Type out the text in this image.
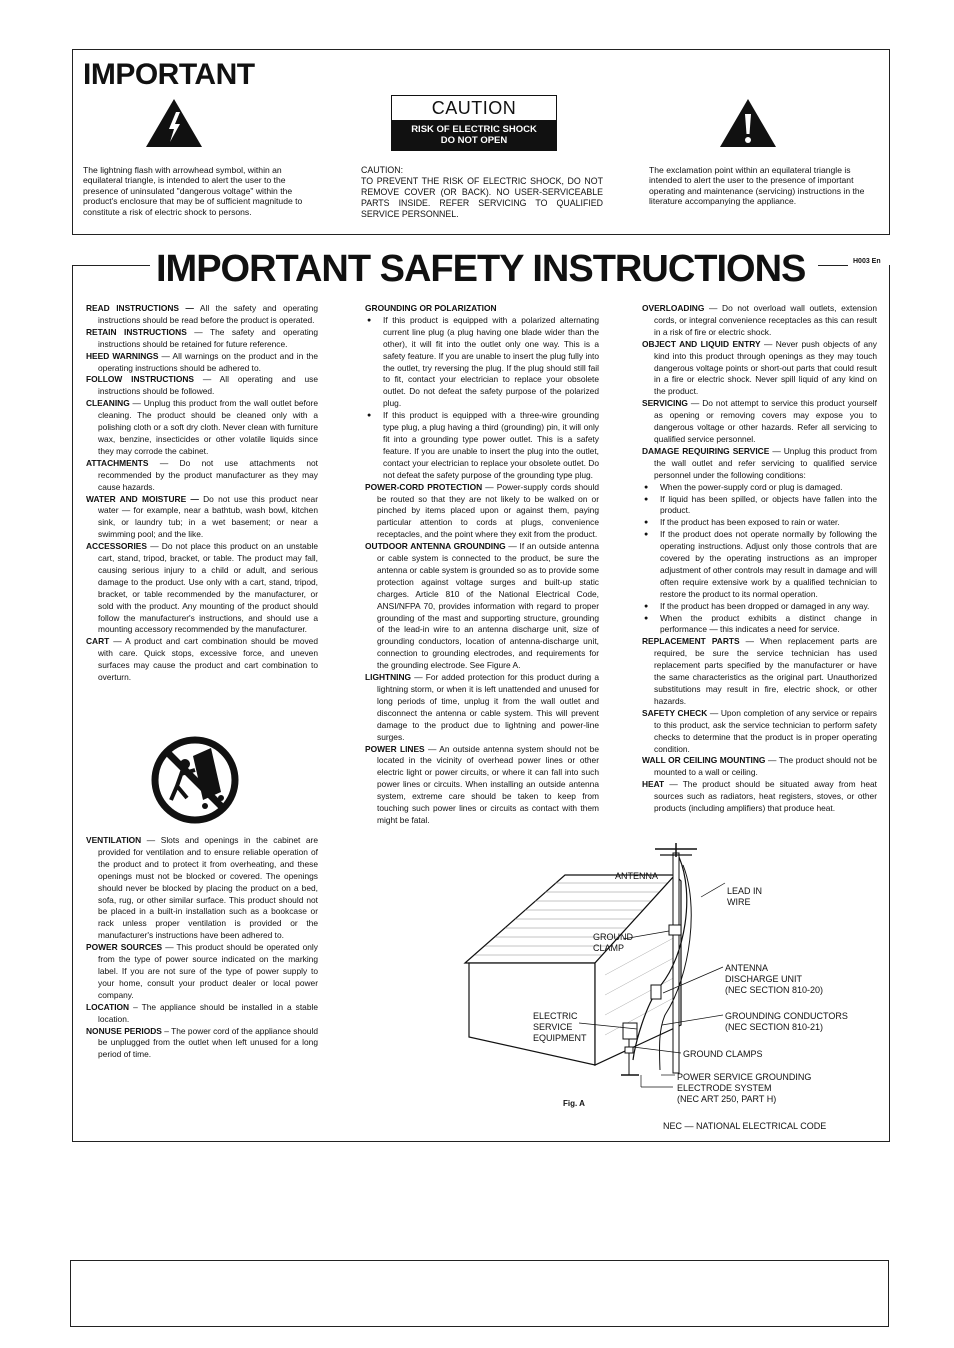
IMPORTANT
The lightning flash with arrowhead symbol, within an equilateral triangle, is intended to alert the user to the presence of uninsulated "dangerous voltage" within the product's enclosure that may be of sufficient magnitude to constitute a risk of electric shock to persons.
CAUTION
RISK OF ELECTRIC SHOCK
DO NOT OPEN
CAUTION:
TO PREVENT THE RISK OF ELECTRIC SHOCK, DO NOT REMOVE COVER (OR BACK). NO USER-SERVICEABLE PARTS INSIDE. REFER SERVICING TO QUALIFIED SERVICE PERSONNEL.
The exclamation point within an equilateral triangle is intended to alert the user to the presence of important operating and maintenance (servicing) instructions in the literature accompanying the appliance.
IMPORTANT SAFETY INSTRUCTIONS	H003 En

READ INSTRUCTIONS — All the safety and operating instructions should be read before the product is operated.

RETAIN INSTRUCTIONS — The safety and operating instructions should be retained for future reference.

HEED WARNINGS — All warnings on the product and in the operating instructions should be adhered to.

FOLLOW INSTRUCTIONS — All operating and use instructions should be followed.

CLEANING — Unplug this product from the wall outlet before cleaning. The product should be cleaned only with a polishing cloth or a soft dry cloth. Never clean with furniture wax, benzine, insecticides or other volatile liquids since they may corrode the cabinet.

ATTACHMENTS — Do not use attachments not recommended by the product manufacturer as they may cause hazards.

WATER AND MOISTURE — Do not use this product near water — for example, near a bathtub, wash bowl, kitchen sink, or laundry tub; in a wet basement; or near a swimming pool; and the like.

ACCESSORIES — Do not place this product on an unstable cart, stand, tripod, bracket, or table. The product may fall, causing serious injury to a child or adult, and serious damage to the product. Use only with a cart, stand, tripod, bracket, or table recommended by the manufacturer, or sold with the product. Any mounting of the product should follow the manufacturer's instructions, and should use a mounting accessory recommended by the manufacturer.

CART — A product and cart combination should be moved with care. Quick stops, excessive force, and uneven surfaces may cause the product and cart combination to overturn.

VENTILATION — Slots and openings in the cabinet are provided for ventilation and to ensure reliable operation of the product and to protect it from overheating, and these openings must not be blocked or covered. The openings should never be blocked by placing the product on a bed, sofa, rug, or other similar surface. This product should not be placed in a built-in installation such as a bookcase or rack unless proper ventilation is provided or the manufacturer's instructions have been adhered to.

POWER SOURCES — This product should be operated only from the type of power source indicated on the marking label. If you are not sure of the type of power supply to your home, consult your product dealer or local power company.

LOCATION – The appliance should be installed in a stable location.

NONUSE PERIODS – The power cord of the appliance should be unplugged from the outlet when left unused for a long period of time.

GROUNDING OR POLARIZATION

● If this product is equipped with a polarized alternating current line plug (a plug having one blade wider than the other), it will fit into the outlet only one way. This is a safety feature. If you are unable to insert the plug fully into the outlet, try reversing the plug. If the plug should still fail to fit, contact your electrician to replace your obsolete outlet. Do not defeat the safety purpose of the polarized plug.

● If this product is equipped with a three-wire grounding type plug, a plug having a third (grounding) pin, it will only fit into a grounding type power outlet. This is a safety feature. If you are unable to insert the plug into the outlet, contact your electrician to replace your obsolete outlet. Do not defeat the safety purpose of the grounding type plug.

POWER-CORD PROTECTION — Power-supply cords should be routed so that they are not likely to be walked on or pinched by items placed upon or against them, paying particular attention to cords at plugs, convenience receptacles, and the point where they exit from the product.

OUTDOOR ANTENNA GROUNDING — If an outside antenna or cable system is connected to the product, be sure the antenna or cable system is grounded so as to provide some protection against voltage surges and built-up static charges. Article 810 of the National Electrical Code, ANSI/NFPA 70, provides information with regard to proper grounding of the mast and supporting structure, grounding of the lead-in wire to an antenna discharge unit, size of grounding conductors, location of antenna-discharge unit, connection to grounding electrodes, and requirements for the grounding electrode. See Figure A.

LIGHTNING — For added protection for this product during a lightning storm, or when it is left unattended and unused for long periods of time, unplug it from the wall outlet and disconnect the antenna or cable system. This will prevent damage to the product due to lightning and power-line surges.

POWER LINES — An outside antenna system should not be located in the vicinity of overhead power lines or other electric light or power circuits, or where it can fall into such power lines or circuits. When installing an outside antenna system, extreme care should be taken to keep from touching such power lines or circuits as contact with them might be fatal.

OVERLOADING — Do not overload wall outlets, extension cords, or integral convenience receptacles as this can result in a risk of fire or electric shock.

OBJECT AND LIQUID ENTRY — Never push objects of any kind into this product through openings as they may touch dangerous voltage points or short-out parts that could result in a fire or electric shock. Never spill liquid of any kind on the product.

SERVICING — Do not attempt to service this product yourself as opening or removing covers may expose you to dangerous voltage or other hazards. Refer all servicing to qualified service personnel.

DAMAGE REQUIRING SERVICE — Unplug this product from the wall outlet and refer servicing to qualified service personnel under the following conditions:

● When the power-supply cord or plug is damaged.

● If liquid has been spilled, or objects have fallen into the product.

● If the product has been exposed to rain or water.

● If the product does not operate normally by following the operating instructions. Adjust only those controls that are covered by the operating instructions as an improper adjustment of other controls may result in damage and will often require extensive work by a qualified technician to restore the product to its normal operation.

● If the product has been dropped or damaged in any way.

● When the product exhibits a distinct change in performance — this indicates a need for service.

REPLACEMENT PARTS — When replacement parts are required, be sure the service technician has used replacement parts specified by the manufacturer or have the same characteristics as the original part. Unauthorized substitutions may result in fire, electric shock, or other hazards.

SAFETY CHECK — Upon completion of any service or repairs to this product, ask the service technician to perform safety checks to determine that the product is in proper operating condition.

WALL OR CEILING MOUNTING — The product should not be mounted to a wall or ceiling.

HEAT — The product should be situated away from heat sources such as radiators, heat registers, stoves, or other products (including amplifiers) that produce heat.

ANTENNA
LEAD IN
WIRE
GROUND
CLAMP
ANTENNA
DISCHARGE UNIT
(NEC SECTION 810-20)
ELECTRIC
SERVICE
EQUIPMENT
GROUNDING CONDUCTORS
(NEC SECTION 810-21)
GROUND CLAMPS
POWER SERVICE GROUNDING
ELECTRODE SYSTEM
(NEC ART 250, PART H)
Fig. A
NEC — NATIONAL ELECTRICAL CODE
